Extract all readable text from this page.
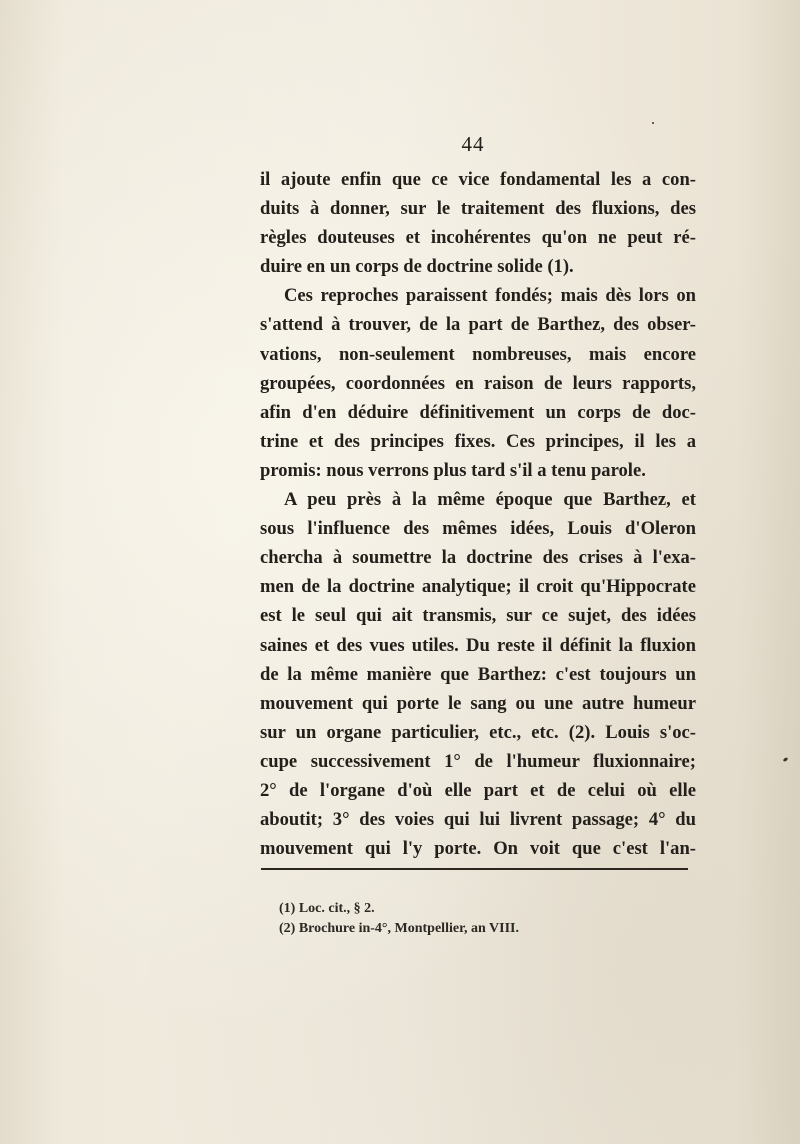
44
il ajoute enfin que ce vice fondamental les a con-
duits à donner, sur le traitement des fluxions, des
règles douteuses et incohérentes qu'on ne peut ré-
duire en un corps de doctrine solide (1).
Ces reproches paraissent fondés; mais dès lors on
s'attend à trouver, de la part de Barthez, des obser-
vations, non-seulement nombreuses, mais encore
groupées, coordonnées en raison de leurs rapports,
afin d'en déduire définitivement un corps de doc-
trine et des principes fixes. Ces principes, il les a
promis: nous verrons plus tard s'il a tenu parole.
A peu près à la même époque que Barthez, et
sous l'influence des mêmes idées, Louis d'Oleron
chercha à soumettre la doctrine des crises à l'exa-
men de la doctrine analytique; il croit qu'Hippocrate
est le seul qui ait transmis, sur ce sujet, des idées
saines et des vues utiles. Du reste il définit la fluxion
de la même manière que Barthez: c'est toujours un
mouvement qui porte le sang ou une autre humeur
sur un organe particulier, etc., etc. (2). Louis s'oc-
cupe successivement 1° de l'humeur fluxionnaire;
2° de l'organe d'où elle part et de celui où elle
aboutit; 3° des voies qui lui livrent passage; 4° du
mouvement qui l'y porte. On voit que c'est l'an-
(1) Loc. cit., § 2.
(2) Brochure in-4°, Montpellier, an VIII.
